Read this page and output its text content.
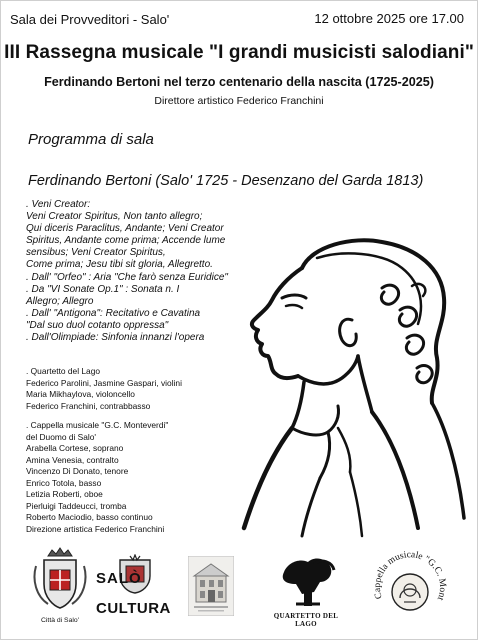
Sala dei Provveditori - Salo'	12 ottobre 2025 ore 17.00
III Rassegna musicale "I grandi musicisti salodiani"
Ferdinando Bertoni nel terzo centenario della nascita (1725-2025)
Direttore artistico Federico Franchini
Programma di sala
Ferdinando Bertoni (Salo' 1725 - Desenzano del Garda 1813)
. Veni Creator:
Veni Creator Spiritus, Non tanto allegro;
Qui diceris Paraclitus, Andante; Veni Creator
Spiritus, Andante come prima; Accende lume
sensibus; Veni Creator Spiritus,
Come prima; Jesu tibi sit gloria, Allegretto.
. Dall' "Orfeo" : Aria "Che farò senza Euridice"
. Da "VI Sonate Op.1" : Sonata n. I
Allegro; Allegro
. Dall' "Antigona": Recitativo e Cavatina
"Dal suo duol cotanto oppressa"
. Dall'Olimpiade: Sinfonia innanzi l'opera
. Quartetto del Lago
Federico Parolini, Jasmine Gaspari, violini
Maria Mikhaylova, violoncello
Federico Franchini, contrabbasso
. Cappella musicale "G.C. Monteverdi"
del Duomo di Salo'
Arabella Cortese, soprano
Amina Venesia, contralto
Vincenzo Di Donato, tenore
Enrico Totola, basso
Letizia Roberti, oboe
Pierluigi Taddeucci, tromba
Roberto Maciodio, basso continuo
Direzione artistica Federico Franchini
Città di Salo'
SALÒ
CULTURA	QUARTETTO DEL LAGO
Cappella musicale "G.C. Mont
